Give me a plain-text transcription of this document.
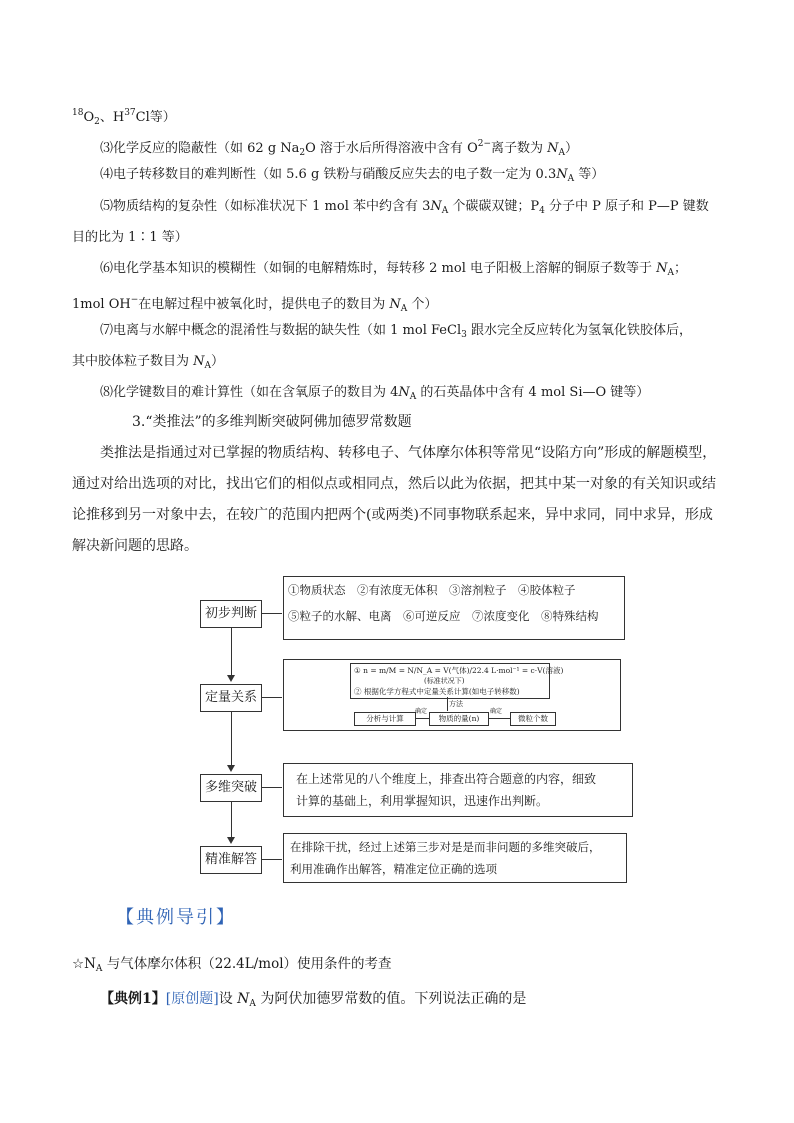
$^{18}O_2$、$H^{37}Cl$等）
⑶化学反应的隐蔽性（如 62 g $Na_2O$ 溶于水后所得溶液中含有 $O^{2-}$离子数为 $N_A$）
⑷电子转移数目的难判断性（如 5.6 g 铁粉与硝酸反应失去的电子数一定为 $0.3N_A$ 等）
⑸物质结构的复杂性（如标准状况下 1 mol 苯中约含有 $3N_A$ 个碳碳双键；$P_4$ 分子中 P 原子和 P—P 键数
目的比为 1∶1 等）
⑹电化学基本知识的模糊性（如铜的电解精炼时，每转移 2 mol 电子阳极上溶解的铜原子数等于 $N_A$；
1mol OH−在电解过程中被氧化时，提供电子的数目为 $N_A$ 个）
⑺电离与水解中概念的混淆性与数据的缺失性（如 1 mol FeCl$_3$ 跟水完全反应转化为氢氧化铁胶体后，
其中胶体粒子数目为 $N_A$）
⑻化学键数目的难计算性（如在含氧原子的数目为 $4N_A$ 的石英晶体中含有 4 mol Si—O 键等）
3.“类推法”的多维判断突破阿佛加德罗常数题
类推法是指通过对已掌握的物质结构、转移电子、气体摩尔体积等常见“设陷方向”形成的解题模型，通过对给出选项的对比，找出它们的相似点或相同点，然后以此为依据，把其中某一对象的有关知识或结论推移到另一对象中去，在较广的范围内把两个(或两类)不同事物联系起来，异中求同，同中求异，形成解决新问题的思路。
初步判断
定量关系
多维突破
精准解答
①物质状态　②有浓度无体积　③溶剂粒子　④胶体粒子
⑤粒子的水解、电离　⑥可逆反应　⑦浓度变化　⑧特殊结构
① n = m/M = N/N_A = V(气体)/22.4 L·mol⁻¹ = c·V(溶液)
(标准状况下)
② 根据化学方程式中定量关系计算(如电子转移数)
方法
分析与计算	物质的量(n)	微粒个数
确定	确定
在上述常见的八个维度上，排查出符合题意的内容，细致
计算的基础上，利用掌握知识，迅速作出判断。
在排除干扰，经过上述第三步对是是而非问题的多维突破后，
利用准确作出解答，精准定位正确的选项
【典例导引】
$☆N_A$ 与气体摩尔体积（22.4L/mol）使用条件的考查
【典例1】[原创题]设 $N_A$ 为阿伏加德罗常数的值。下列说法正确的是
